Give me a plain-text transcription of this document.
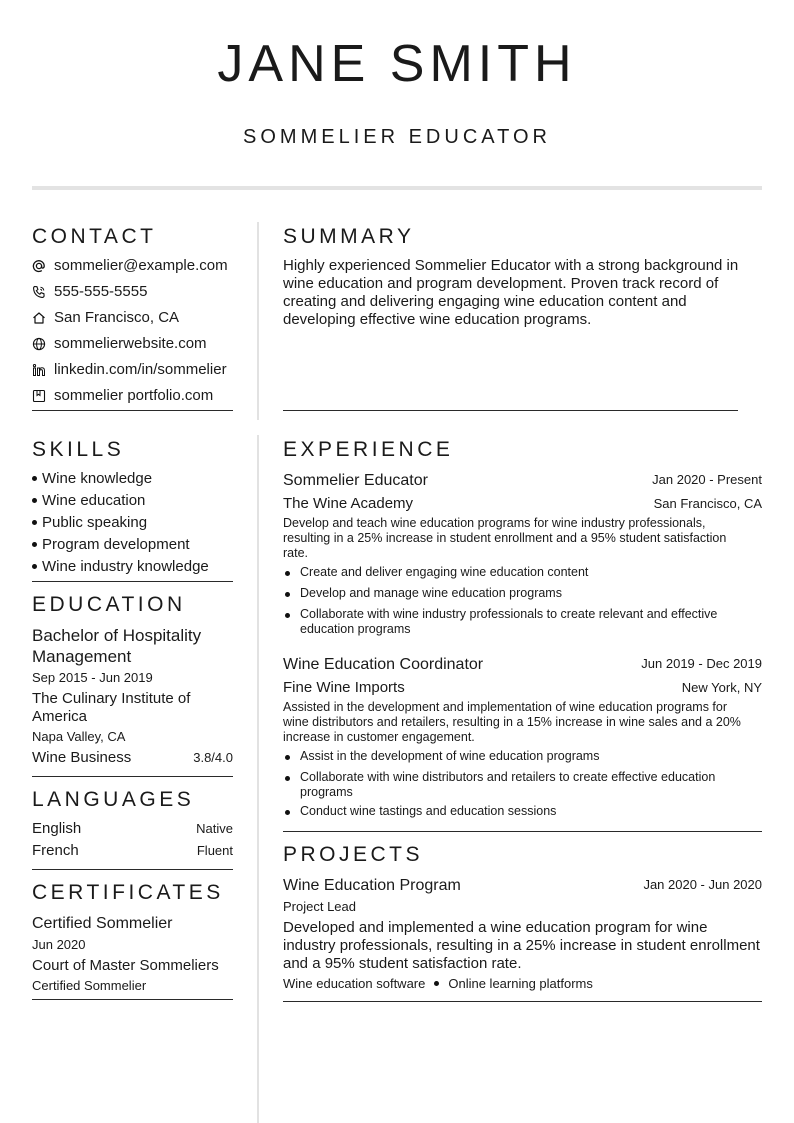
JANE SMITH
SOMMELIER EDUCATOR
CONTACT
sommelier@example.com
555-555-5555
San Francisco, CA
sommelierwebsite.com
linkedin.com/in/sommelier
sommelier portfolio.com
SUMMARY
Highly experienced Sommelier Educator with a strong background in wine education and program development. Proven track record of creating and delivering engaging wine education content and developing effective wine education programs.
SKILLS
Wine knowledge
Wine education
Public speaking
Program development
Wine industry knowledge
EDUCATION
Bachelor of Hospitality Management
Sep 2015 - Jun 2019
The Culinary Institute of America
Napa Valley, CA
Wine Business	3.8/4.0
LANGUAGES
English	Native
French	Fluent
CERTIFICATES
Certified Sommelier
Jun 2020
Court of Master Sommeliers
Certified Sommelier
EXPERIENCE
Sommelier Educator	Jan 2020 - Present
The Wine Academy	San Francisco, CA
Develop and teach wine education programs for wine industry professionals, resulting in a 25% increase in student enrollment and a 95% student satisfaction rate.
Create and deliver engaging wine education content
Develop and manage wine education programs
Collaborate with wine industry professionals to create relevant and effective education programs
Wine Education Coordinator	Jun 2019 - Dec 2019
Fine Wine Imports	New York, NY
Assisted in the development and implementation of wine education programs for wine distributors and retailers, resulting in a 15% increase in wine sales and a 20% increase in customer engagement.
Assist in the development of wine education programs
Collaborate with wine distributors and retailers to create effective education programs
Conduct wine tastings and education sessions
PROJECTS
Wine Education Program	Jan 2020 - Jun 2020
Project Lead
Developed and implemented a wine education program for wine industry professionals, resulting in a 25% increase in student enrollment and a 95% student satisfaction rate.
Wine education software Online learning platforms
